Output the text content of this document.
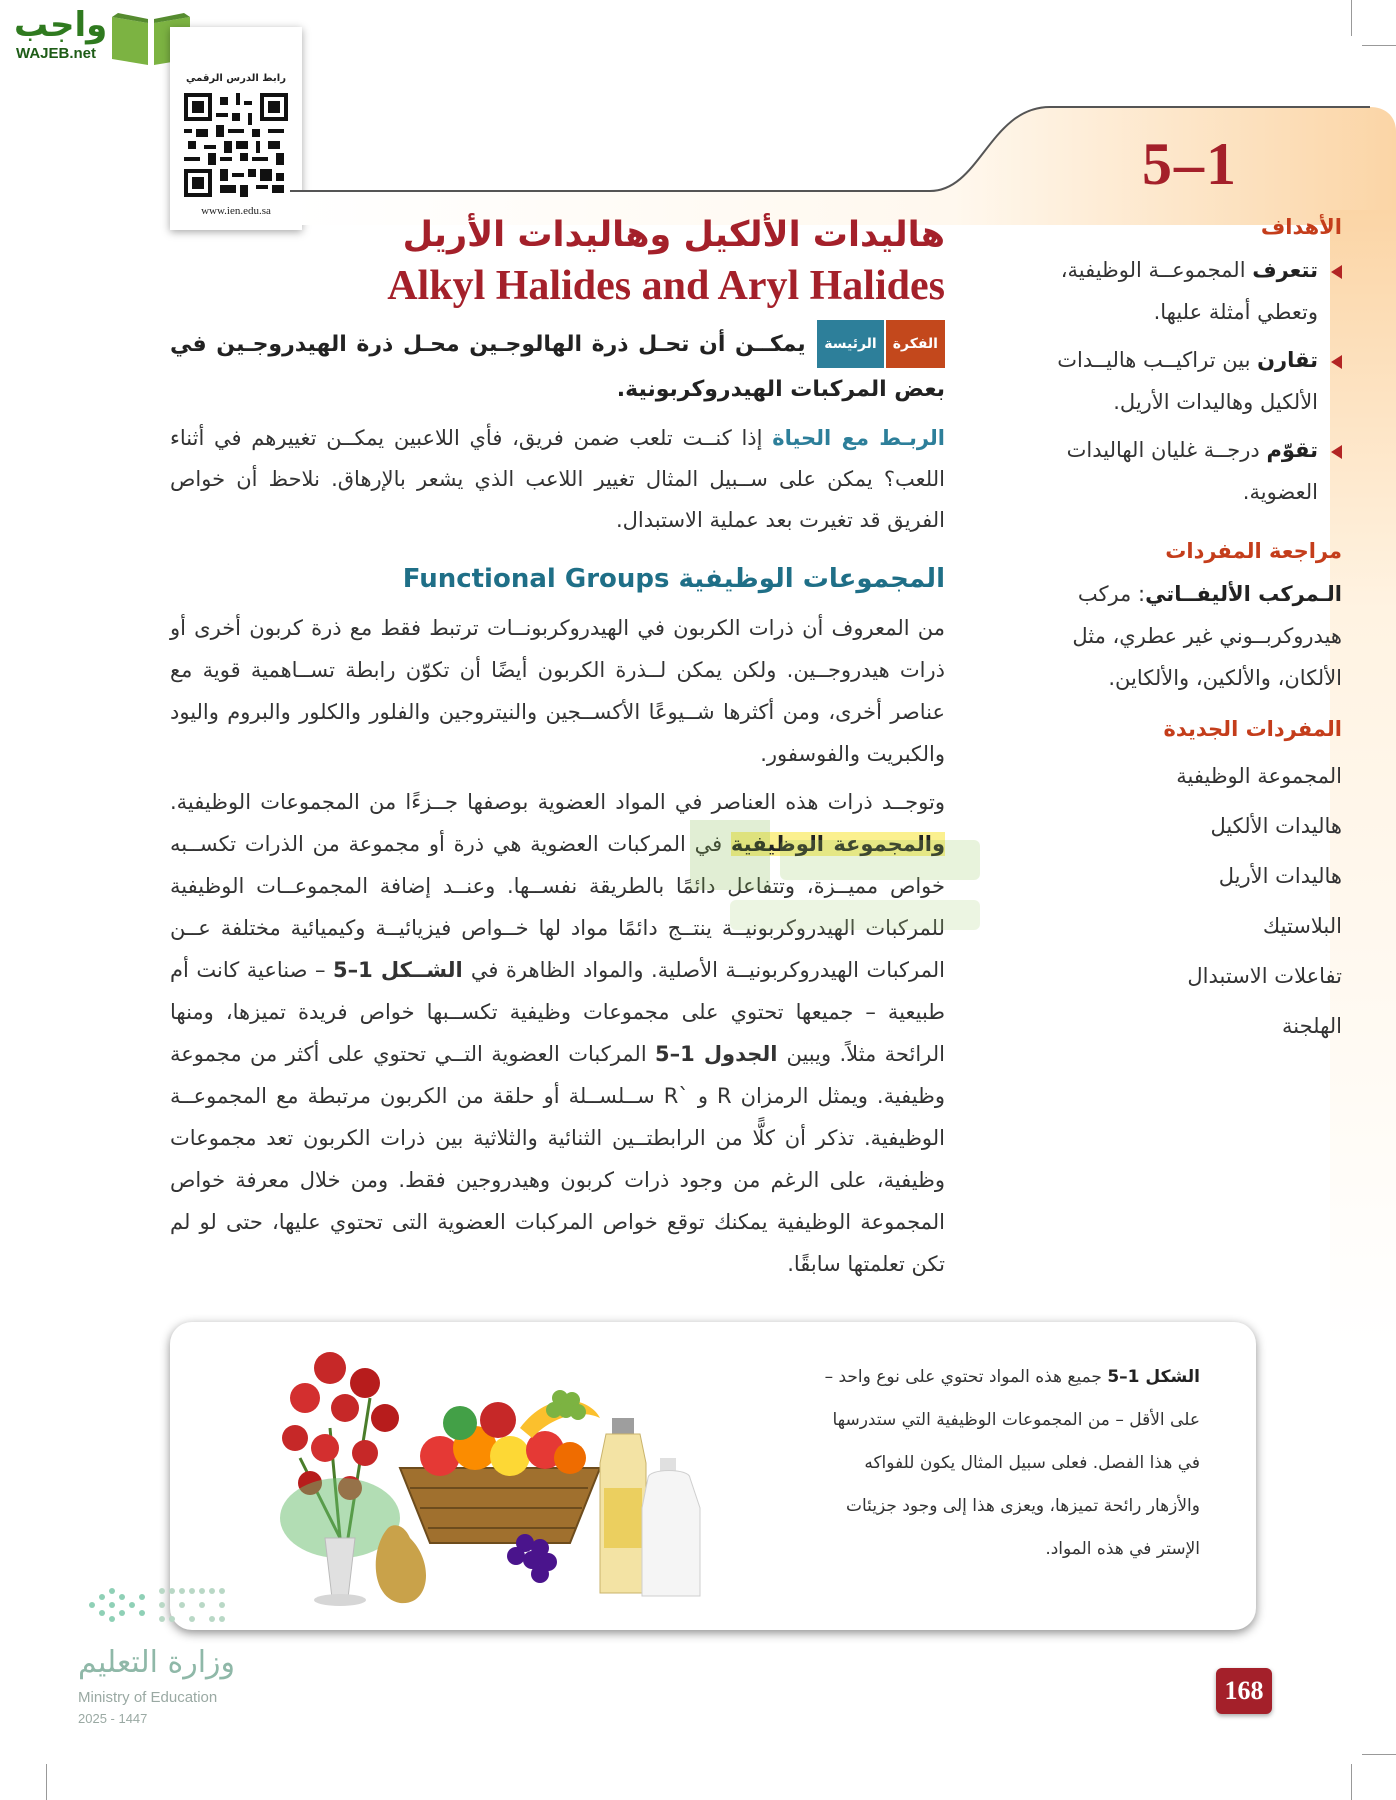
واجب
WAJEB.net
رابط الدرس الرقمي
www.ien.edu.sa
5–1
الأهداف
تتعرف المجموعــة الوظيفية، وتعطي أمثلة عليها.
تقارن بين تراكيــب هاليــدات الألكيل وهاليدات الأريل.
تقوّم درجــة غليان الهاليدات العضوية.
مراجعة المفردات
الـمركب الأليفــاتي: مركب هيدروكربــوني غير عطري، مثل الألكان، والألكين، والألكاين.
المفردات الجديدة
المجموعة الوظيفية
هاليدات الألكيل
هاليدات الأريل
البلاستيك
تفاعلات الاستبدال
الهلجنة
هاليدات الألكيل وهاليدات الأريل
Alkyl Halides and Aryl Halides
الفكرةالرئيسة يمكــن أن تحـل ذرة الهالوجـين محـل ذرة الهيدروجـين في بعض المركبات الهيدروكربونية.
الربـط مع الحياة إذا كنــت تلعب ضمن فريق، فأي اللاعبين يمكــن تغييرهم في أثناء اللعب؟ يمكن على ســبيل المثال تغيير اللاعب الذي يشعر بالإرهاق. نلاحظ أن خواص الفريق قد تغيرت بعد عملية الاستبدال.
المجموعات الوظيفية Functional Groups
من المعروف أن ذرات الكربون في الهيدروكربونــات ترتبط فقط مع ذرة كربون أخرى أو ذرات هيدروجــين. ولكن يمكن لــذرة الكربون أيضًا أن تكوّن رابطة تســاهمية قوية مع عناصر أخرى، ومن أكثرها شــيوعًا الأكســجين والنيتروجين والفلور والكلور والبروم واليود والكبريت والفوسفور.
وتوجــد ذرات هذه العناصر في المواد العضوية بوصفها جــزءًا من المجموعات الوظيفية. والمجموعة الوظيفية في المركبات العضوية هي ذرة أو مجموعة من الذرات تكســبه خواص مميــزة، وتتفاعل دائمًا بالطريقة نفســها. وعنــد إضافة المجموعــات الوظيفية للمركبات الهيدروكربونيــة ينتــج دائمًا مواد لها خــواص فيزيائيــة وكيميائية مختلفة عــن المركبات الهيدروكربونيــة الأصلية. والمواد الظاهرة في الشــكل 1–5 – صناعية كانت أم طبيعية – جميعها تحتوي على مجموعات وظيفية تكســبها خواص فريدة تميزها، ومنها الرائحة مثلاً. ويبين الجدول 1–5 المركبات العضوية التــي تحتوي على أكثر من مجموعة وظيفية. ويمثل الرمزان R و `R ســلســلة أو حلقة من الكربون مرتبطة مع المجموعــة الوظيفية. تذكر أن كلًّا من الرابطتــين الثنائية والثلاثية بين ذرات الكربون تعد مجموعات وظيفية، على الرغم من وجود ذرات كربون وهيدروجين فقط. ومن خلال معرفة خواص المجموعة الوظيفية يمكنك توقع خواص المركبات العضوية التى تحتوي عليها، حتى لو لم تكن تعلمتها سابقًا.
الشكل 1–5 جميع هذه المواد تحتوي على نوع واحد – على الأقل – من المجموعات الوظيفية التي ستدرسها في هذا الفصل. فعلى سبيل المثال يكون للفواكه والأزهار رائحة تميزها، ويعزى هذا إلى وجود جزيئات الإستر في هذه المواد.
وزارة التعليم
Ministry of Education
2025 - 1447
168
